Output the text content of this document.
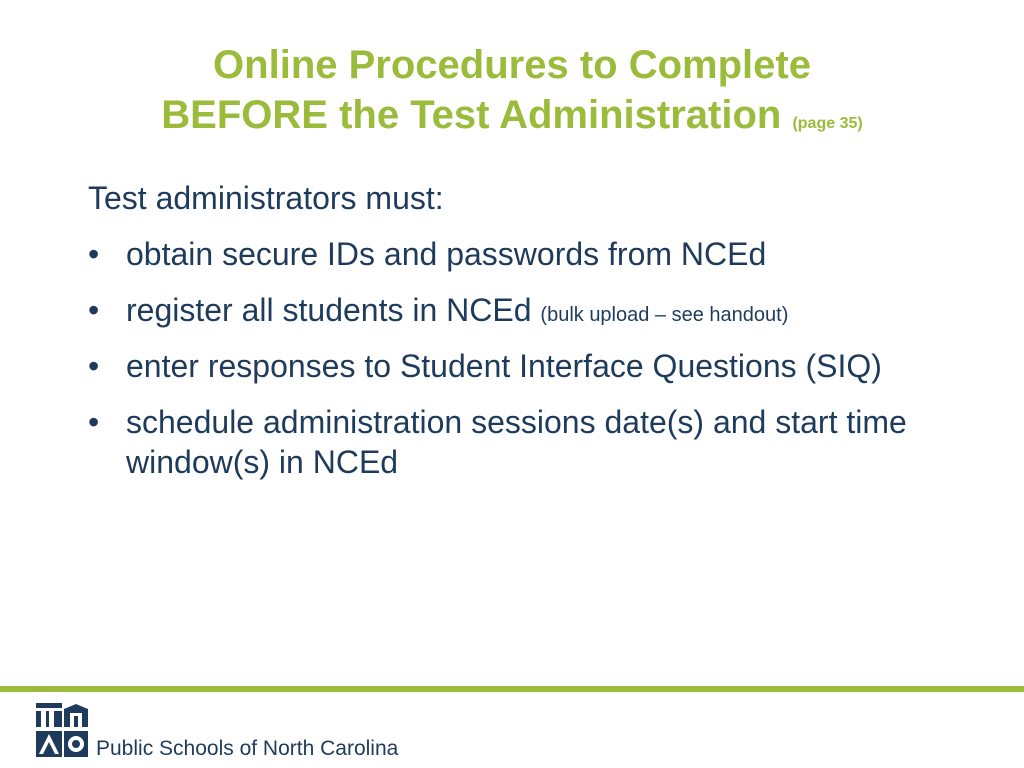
Online Procedures to Complete
BEFORE the Test Administration (page 35)

Test administrators must:

• obtain secure IDs and passwords from NCEd
• register all students in NCEd (bulk upload – see handout)
• enter responses to Student Interface Questions (SIQ)
• schedule administration sessions date(s) and start time window(s) in NCEd
Public Schools of North Carolina
